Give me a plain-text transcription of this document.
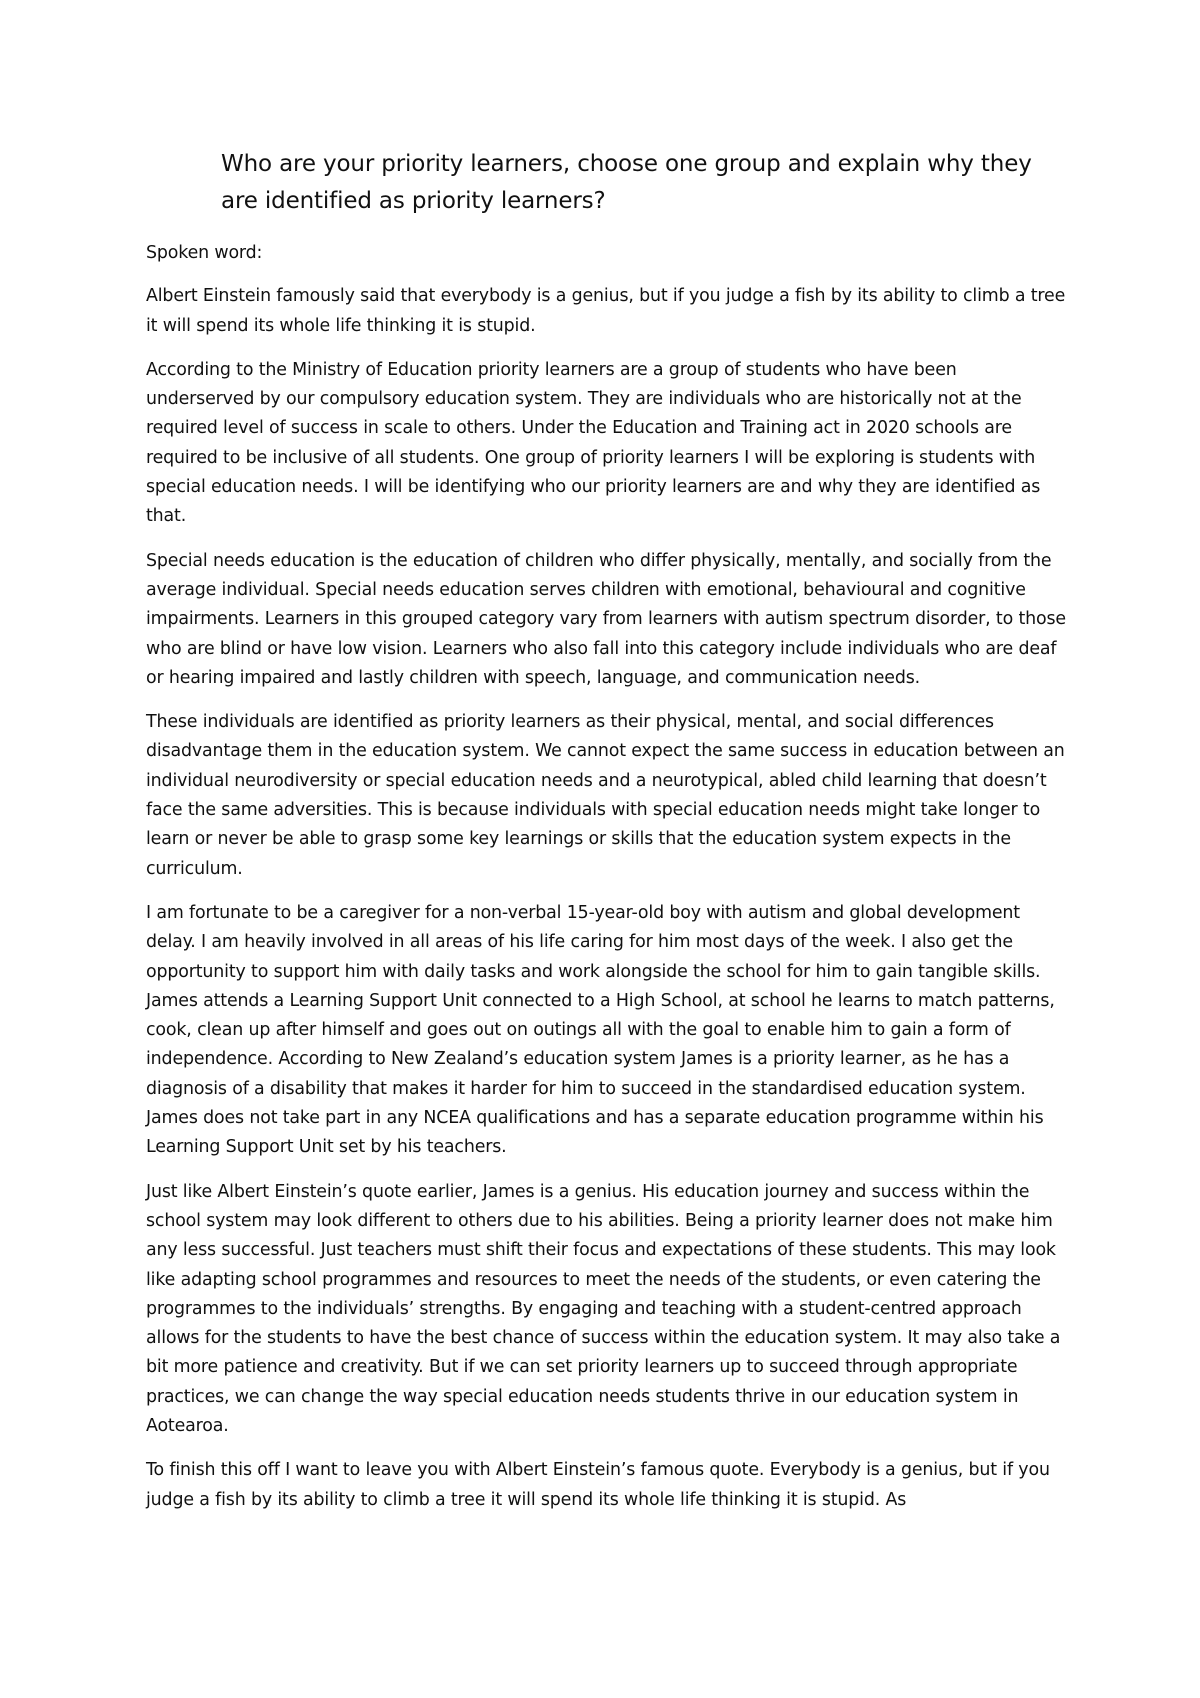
Who are your priority learners, choose one group and explain why they are identified as priority learners?

Spoken word:

Albert Einstein famously said that everybody is a genius, but if you judge a fish by its ability to climb a tree it will spend its whole life thinking it is stupid.

According to the Ministry of Education priority learners are a group of students who have been underserved by our compulsory education system. They are individuals who are historically not at the required level of success in scale to others. Under the Education and Training act in 2020 schools are required to be inclusive of all students. One group of priority learners I will be exploring is students with special education needs. I will be identifying who our priority learners are and why they are identified as that.

Special needs education is the education of children who differ physically, mentally, and socially from the average individual. Special needs education serves children with emotional, behavioural and cognitive impairments. Learners in this grouped category vary from learners with autism spectrum disorder, to those who are blind or have low vision. Learners who also fall into this category include individuals who are deaf or hearing impaired and lastly children with speech, language, and communication needs.

These individuals are identified as priority learners as their physical, mental, and social differences disadvantage them in the education system. We cannot expect the same success in education between an individual neurodiversity or special education needs and a neurotypical, abled child learning that doesn’t face the same adversities. This is because individuals with special education needs might take longer to learn or never be able to grasp some key learnings or skills that the education system expects in the curriculum.

I am fortunate to be a caregiver for a non-verbal 15-year-old boy with autism and global development delay. I am heavily involved in all areas of his life caring for him most days of the week. I also get the opportunity to support him with daily tasks and work alongside the school for him to gain tangible skills. James attends a Learning Support Unit connected to a High School, at school he learns to match patterns, cook, clean up after himself and goes out on outings all with the goal to enable him to gain a form of independence. According to New Zealand’s education system James is a priority learner, as he has a diagnosis of a disability that makes it harder for him to succeed in the standardised education system. James does not take part in any NCEA qualifications and has a separate education programme within his Learning Support Unit set by his teachers.

Just like Albert Einstein’s quote earlier, James is a genius. His education journey and success within the school system may look different to others due to his abilities. Being a priority learner does not make him any less successful. Just teachers must shift their focus and expectations of these students. This may look like adapting school programmes and resources to meet the needs of the students, or even catering the programmes to the individuals’ strengths. By engaging and teaching with a student-centred approach allows for the students to have the best chance of success within the education system. It may also take a bit more patience and creativity. But if we can set priority learners up to succeed through appropriate practices, we can change the way special education needs students thrive in our education system in Aotearoa.

To finish this off I want to leave you with Albert Einstein’s famous quote. Everybody is a genius, but if you judge a fish by its ability to climb a tree it will spend its whole life thinking it is stupid. As
